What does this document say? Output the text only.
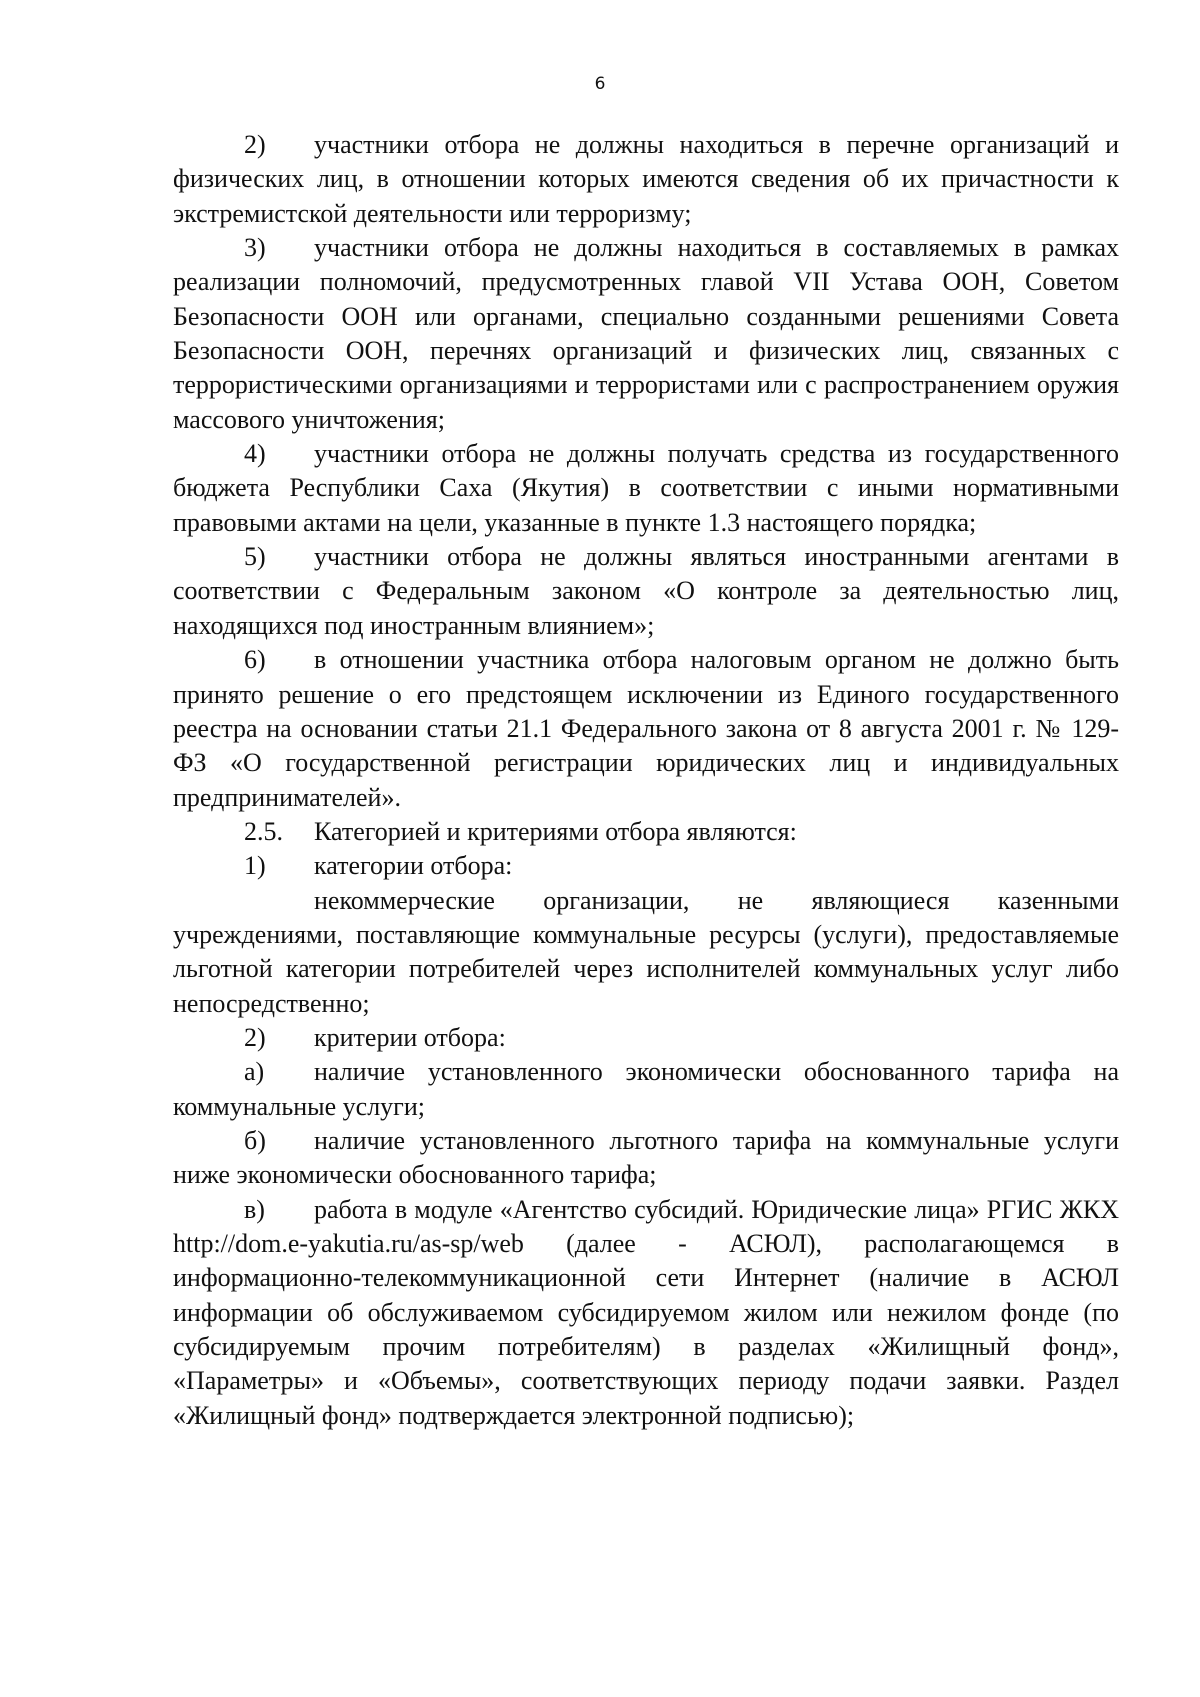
6

2) участники отбора не должны находиться в перечне организаций и физических лиц, в отношении которых имеются сведения об их причастности к экстремистской деятельности или терроризму;

3) участники отбора не должны находиться в составляемых в рамках реализации полномочий, предусмотренных главой VII Устава ООН, Советом Безопасности ООН или органами, специально созданными решениями Совета Безопасности ООН, перечнях организаций и физических лиц, связанных с террористическими организациями и террористами или с распространением оружия массового уничтожения;

4) участники отбора не должны получать средства из государственного бюджета Республики Саха (Якутия) в соответствии с иными нормативными правовыми актами на цели, указанные в пункте 1.3 настоящего порядка;

5) участники отбора не должны являться иностранными агентами в соответствии с Федеральным законом «О контроле за деятельностью лиц, находящихся под иностранным влиянием»;

6) в отношении участника отбора налоговым органом не должно быть принято решение о его предстоящем исключении из Единого государственного реестра на основании статьи 21.1 Федерального закона от 8 августа 2001 г. № 129-ФЗ «О государственной регистрации юридических лиц и индивидуальных предпринимателей».

2.5. Категорией и критериями отбора являются:

1) категории отбора:

некоммерческие организации, не являющиеся казенными учреждениями, поставляющие коммунальные ресурсы (услуги), предоставляемые льготной категории потребителей через исполнителей коммунальных услуг либо непосредственно;

2) критерии отбора:

а) наличие установленного экономически обоснованного тарифа на коммунальные услуги;

б) наличие установленного льготного тарифа на коммунальные услуги ниже экономически обоснованного тарифа;

в) работа в модуле «Агентство субсидий. Юридические лица» РГИС ЖКХ http://dom.e-yakutia.ru/as-sp/web (далее - АСЮЛ), располагающемся в информационно-телекоммуникационной сети Интернет (наличие в АСЮЛ информации об обслуживаемом субсидируемом жилом или нежилом фонде (по субсидируемым прочим потребителям) в разделах «Жилищный фонд», «Параметры» и «Объемы», соответствующих периоду подачи заявки. Раздел «Жилищный фонд» подтверждается электронной подписью);
